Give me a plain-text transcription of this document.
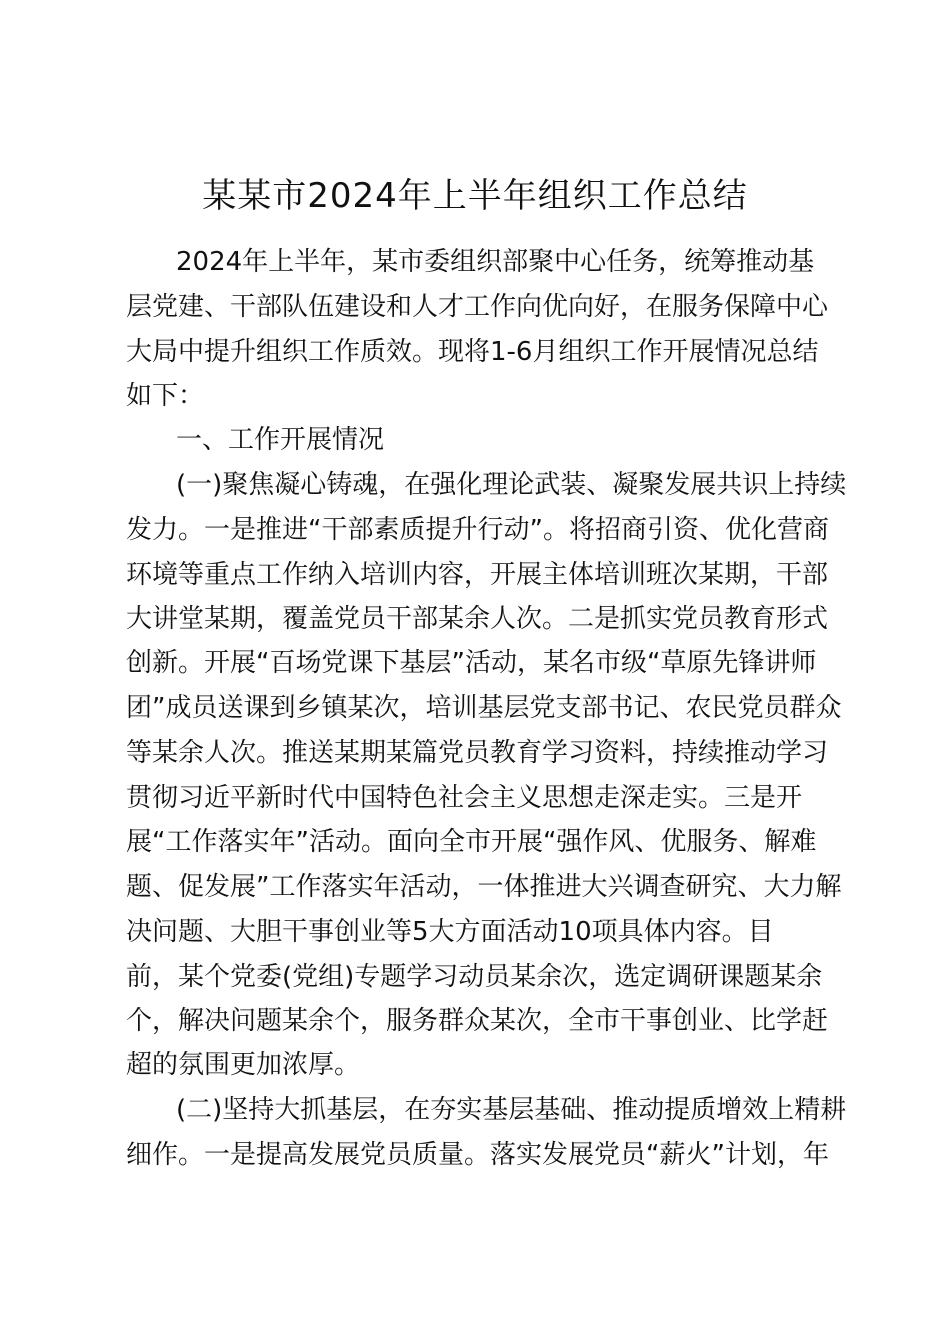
某某市2024年上半年组织工作总结
2024年上半年，某市委组织部聚中心任务，统筹推动基
层党建、干部队伍建设和人才工作向优向好，在服务保障中心
大局中提升组织工作质效。现将1-6月组织工作开展情况总结
如下：
一、工作开展情况
(一)聚焦凝心铸魂，在强化理论武装、凝聚发展共识上持续
发力。一是推进“干部素质提升行动”。将招商引资、优化营商
环境等重点工作纳入培训内容，开展主体培训班次某期，干部
大讲堂某期，覆盖党员干部某余人次。二是抓实党员教育形式
创新。开展“百场党课下基层”活动，某名市级“草原先锋讲师
团”成员送课到乡镇某次，培训基层党支部书记、农民党员群众
等某余人次。推送某期某篇党员教育学习资料，持续推动学习
贯彻习近平新时代中国特色社会主义思想走深走实。三是开
展“工作落实年”活动。面向全市开展“强作风、优服务、解难
题、促发展”工作落实年活动，一体推进大兴调查研究、大力解
决问题、大胆干事创业等5大方面活动10项具体内容。目
前，某个党委(党组)专题学习动员某余次，选定调研课题某余
个，解决问题某余个，服务群众某次，全市干事创业、比学赶
超的氛围更加浓厚。
(二)坚持大抓基层，在夯实基层基础、推动提质增效上精耕
细作。一是提高发展党员质量。落实发展党员“薪火”计划，年
